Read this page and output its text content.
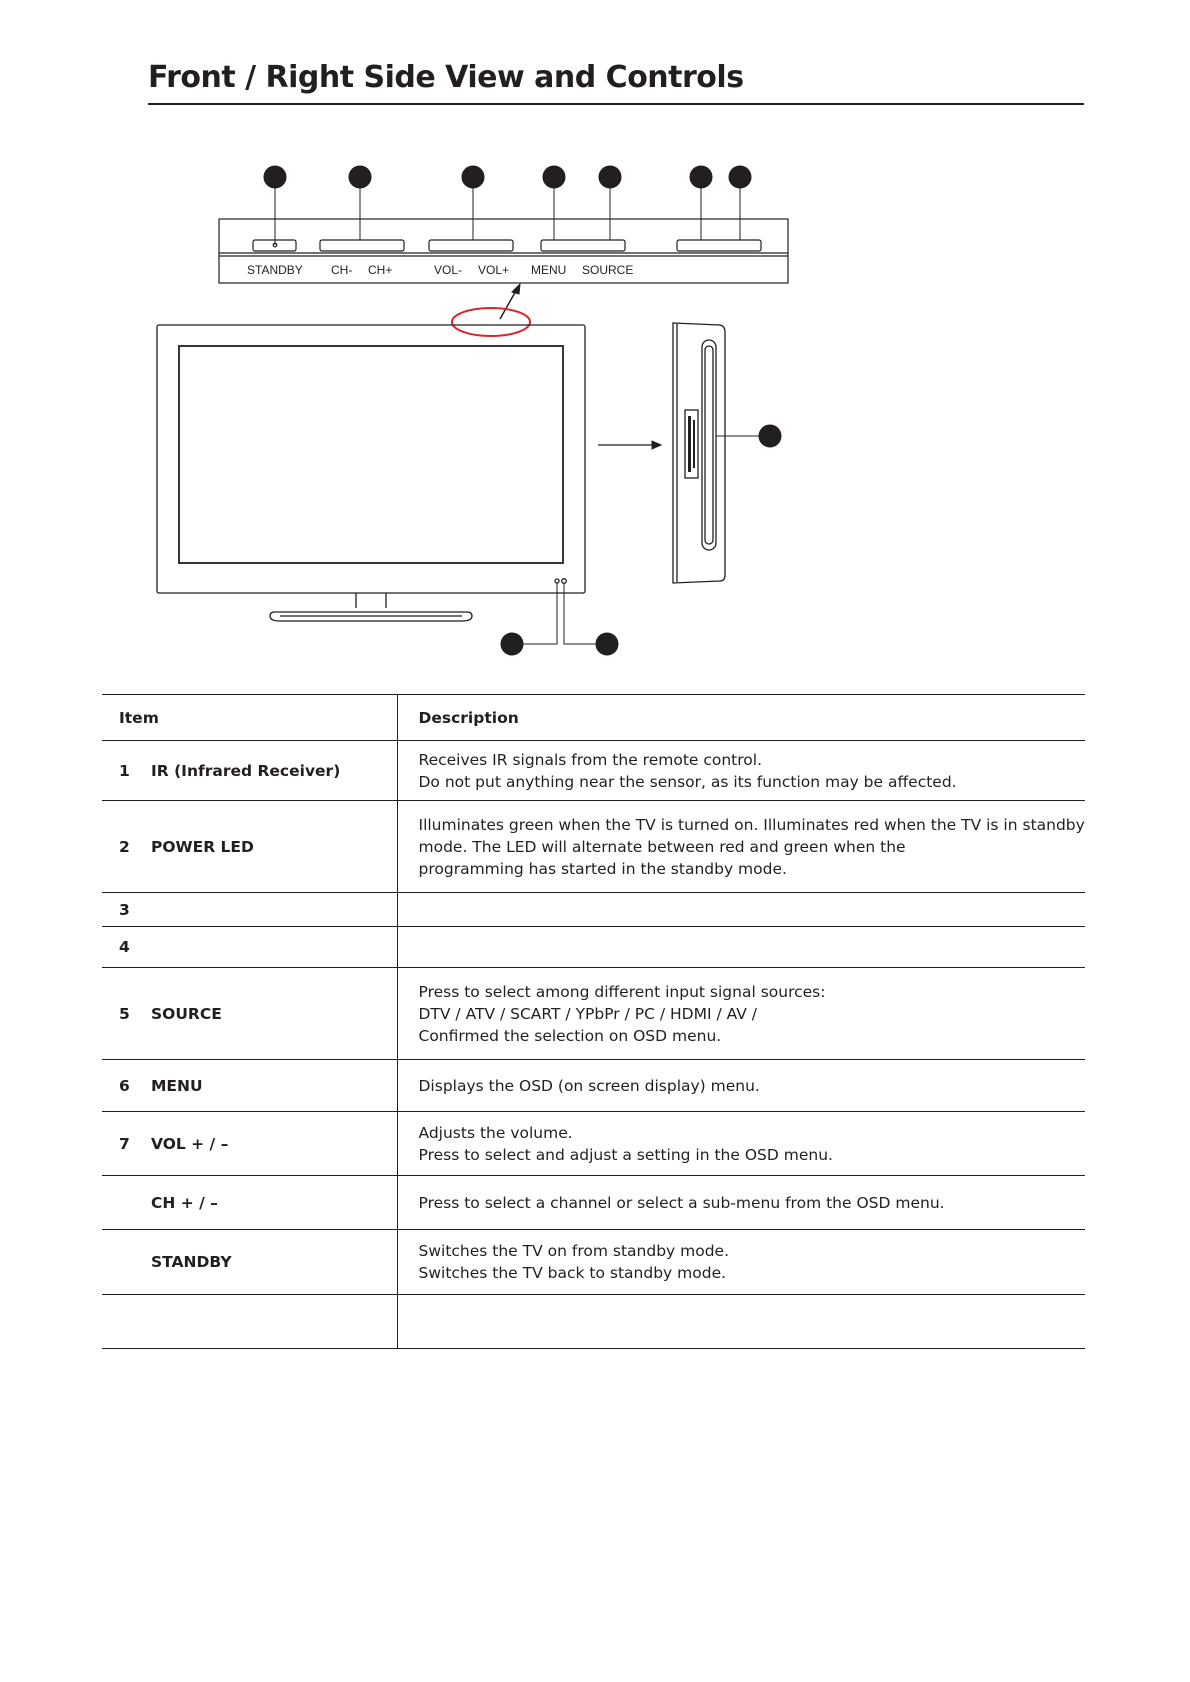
Front / Right Side View and Controls
STANDBY CH- CH+	VOL- VOL+ MENU SOURCE
Item	Description
1 IR (Infrared Receiver)	Receives IR signals from the remote control.
Do not put anything near the sensor, as its function may be affected.

2 POWER LED	Illuminates green when the TV is turned on. Illuminates red when the TV is in standby
mode. The LED will alternate between red and green when the
programming has started in the standby mode.

3	
4	
5 SOURCE	Press to select among different input signal sources:
DTV / ATV / SCART / YPbPr / PC / HDMI / AV /
Confirmed the selection on OSD menu.

6 MENU	Displays the OSD (on screen display) menu.

7 VOL + / –	Adjusts the volume.
Press to select and adjust a setting in the OSD menu.

CH + / –	Press to select a channel or select a sub-menu from the OSD menu.

STANDBY	Switches the TV on from standby mode.
Switches the TV back to standby mode.
